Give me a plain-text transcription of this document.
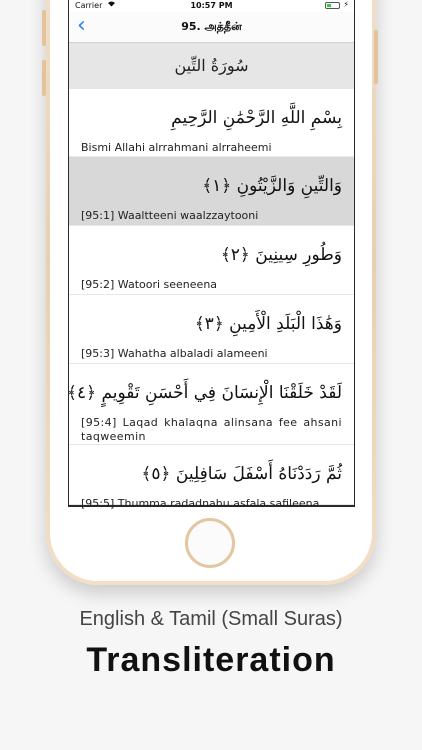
Carrier	10:57 PM	⚡
‹	95. அத்தீன்
سُورَةُ التِّين
بِسْمِ اللَّهِ الرَّحْمَٰنِ الرَّحِيمِ
Bismi Allahi alrrahmani alrraheemi
وَالتِّينِ وَالزَّيْتُونِ ﴿١﴾
[95:1] Waaltteeni waalzzaytooni
وَطُورِ سِينِينَ ﴿٢﴾
[95:2] Watoori seeneena
وَهَٰذَا الْبَلَدِ الْأَمِينِ ﴿٣﴾
[95:3] Wahatha albaladi alameeni
لَقَدْ خَلَقْنَا الْإِنسَانَ فِي أَحْسَنِ تَقْوِيمٍ ﴿٤﴾
[95:4] Laqad khalaqna alinsana fee ahsani taqweemin
ثُمَّ رَدَدْنَاهُ أَسْفَلَ سَافِلِينَ ﴿٥﴾
[95:5] Thumma radadnahu asfala safileena
English & Tamil (Small Suras)
Transliteration
